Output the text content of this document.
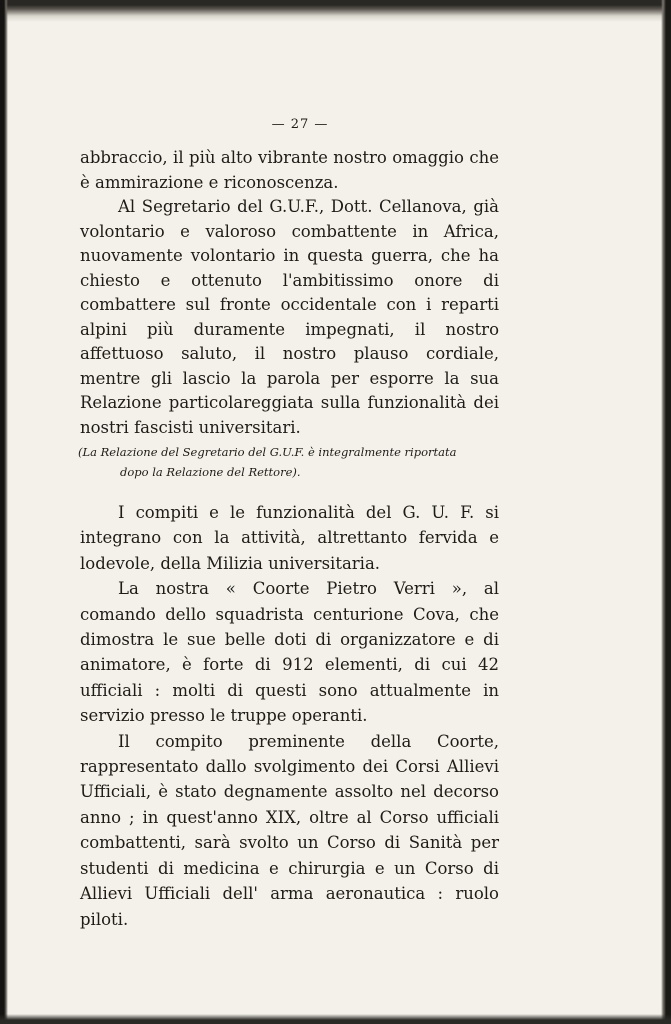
— 27 —

abbraccio, il più alto vibrante nostro omaggio che è ammirazione e riconoscenza.

Al Segretario del G.U.F., Dott. Cellanova, già volontario e valoroso combattente in Africa, nuovamente volontario in questa guerra, che ha chiesto e ottenuto l'ambitissimo onore di combattere sul fronte occidentale con i reparti alpini più duramente impegnati, il nostro affettuoso saluto, il nostro plauso cordiale, mentre gli lascio la parola per esporre la sua Relazione particolareggiata sulla funzionalità dei nostri fascisti universitari.

(La Relazione del Segretario del G.U.F. è integralmente riportata
dopo la Relazione del Rettore).

I compiti e le funzionalità del G. U. F. si integrano con la attività, altrettanto fervida e lodevole, della Milizia universitaria.

La nostra « Coorte Pietro Verri », al comando dello squadrista centurione Cova, che dimostra le sue belle doti di organizzatore e di animatore, è forte di 912 elementi, di cui 42 ufficiali : molti di questi sono attualmente in servizio presso le truppe operanti.

Il compito preminente della Coorte, rappresentato dallo svolgimento dei Corsi Allievi Ufficiali, è stato degnamente assolto nel decorso anno ; in quest'anno XIX, oltre al Corso ufficiali combattenti, sarà svolto un Corso di Sanità per studenti di medicina e chirurgia e un Corso di Allievi Ufficiali dell' arma aeronautica : ruolo piloti.
